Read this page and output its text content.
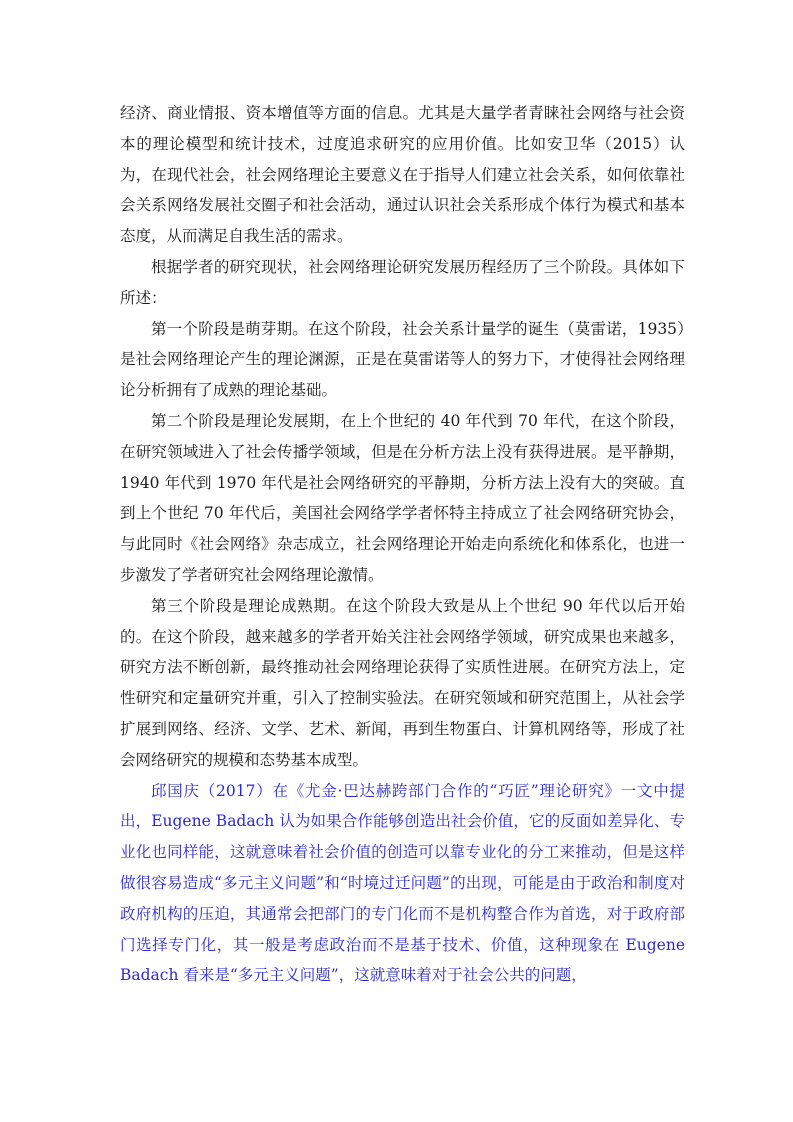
经济、商业情报、资本增值等方面的信息。尤其是大量学者青睐社会网络与社会资本的理论模型和统计技术，过度追求研究的应用价值。比如安卫华（2015）认为，在现代社会，社会网络理论主要意义在于指导人们建立社会关系，如何依靠社会关系网络发展社交圈子和社会活动，通过认识社会关系形成个体行为模式和基本态度，从而满足自我生活的需求。

根据学者的研究现状，社会网络理论研究发展历程经历了三个阶段。具体如下所述：

第一个阶段是萌芽期。在这个阶段，社会关系计量学的诞生（莫雷诺，1935）是社会网络理论产生的理论渊源，正是在莫雷诺等人的努力下，才使得社会网络理论分析拥有了成熟的理论基础。

第二个阶段是理论发展期，在上个世纪的 40 年代到 70 年代，在这个阶段，在研究领域进入了社会传播学领域，但是在分析方法上没有获得进展。是平静期，1940 年代到 1970 年代是社会网络研究的平静期，分析方法上没有大的突破。直到上个世纪 70 年代后，美国社会网络学学者怀特主持成立了社会网络研究协会，与此同时《社会网络》杂志成立，社会网络理论开始走向系统化和体系化，也进一步激发了学者研究社会网络理论激情。

第三个阶段是理论成熟期。在这个阶段大致是从上个世纪 90 年代以后开始的。在这个阶段，越来越多的学者开始关注社会网络学领域，研究成果也来越多，研究方法不断创新，最终推动社会网络理论获得了实质性进展。在研究方法上，定性研究和定量研究并重，引入了控制实验法。在研究领域和研究范围上，从社会学扩展到网络、经济、文学、艺术、新闻，再到生物蛋白、计算机网络等，形成了社会网络研究的规模和态势基本成型。

邱国庆（2017）在《尤金·巴达赫跨部门合作的“巧匠”理论研究》一文中提出，Eugene Badach 认为如果合作能够创造出社会价值，它的反面如差异化、专业化也同样能，这就意味着社会价值的创造可以靠专业化的分工来推动，但是这样做很容易造成“多元主义问题”和“时境过迁问题”的出现，可能是由于政治和制度对政府机构的压迫，其通常会把部门的专门化而不是机构整合作为首选，对于政府部门选择专门化，其一般是考虑政治而不是基于技术、价值，这种现象在 Eugene Badach 看来是“多元主义问题”，这就意味着对于社会公共的问题，
